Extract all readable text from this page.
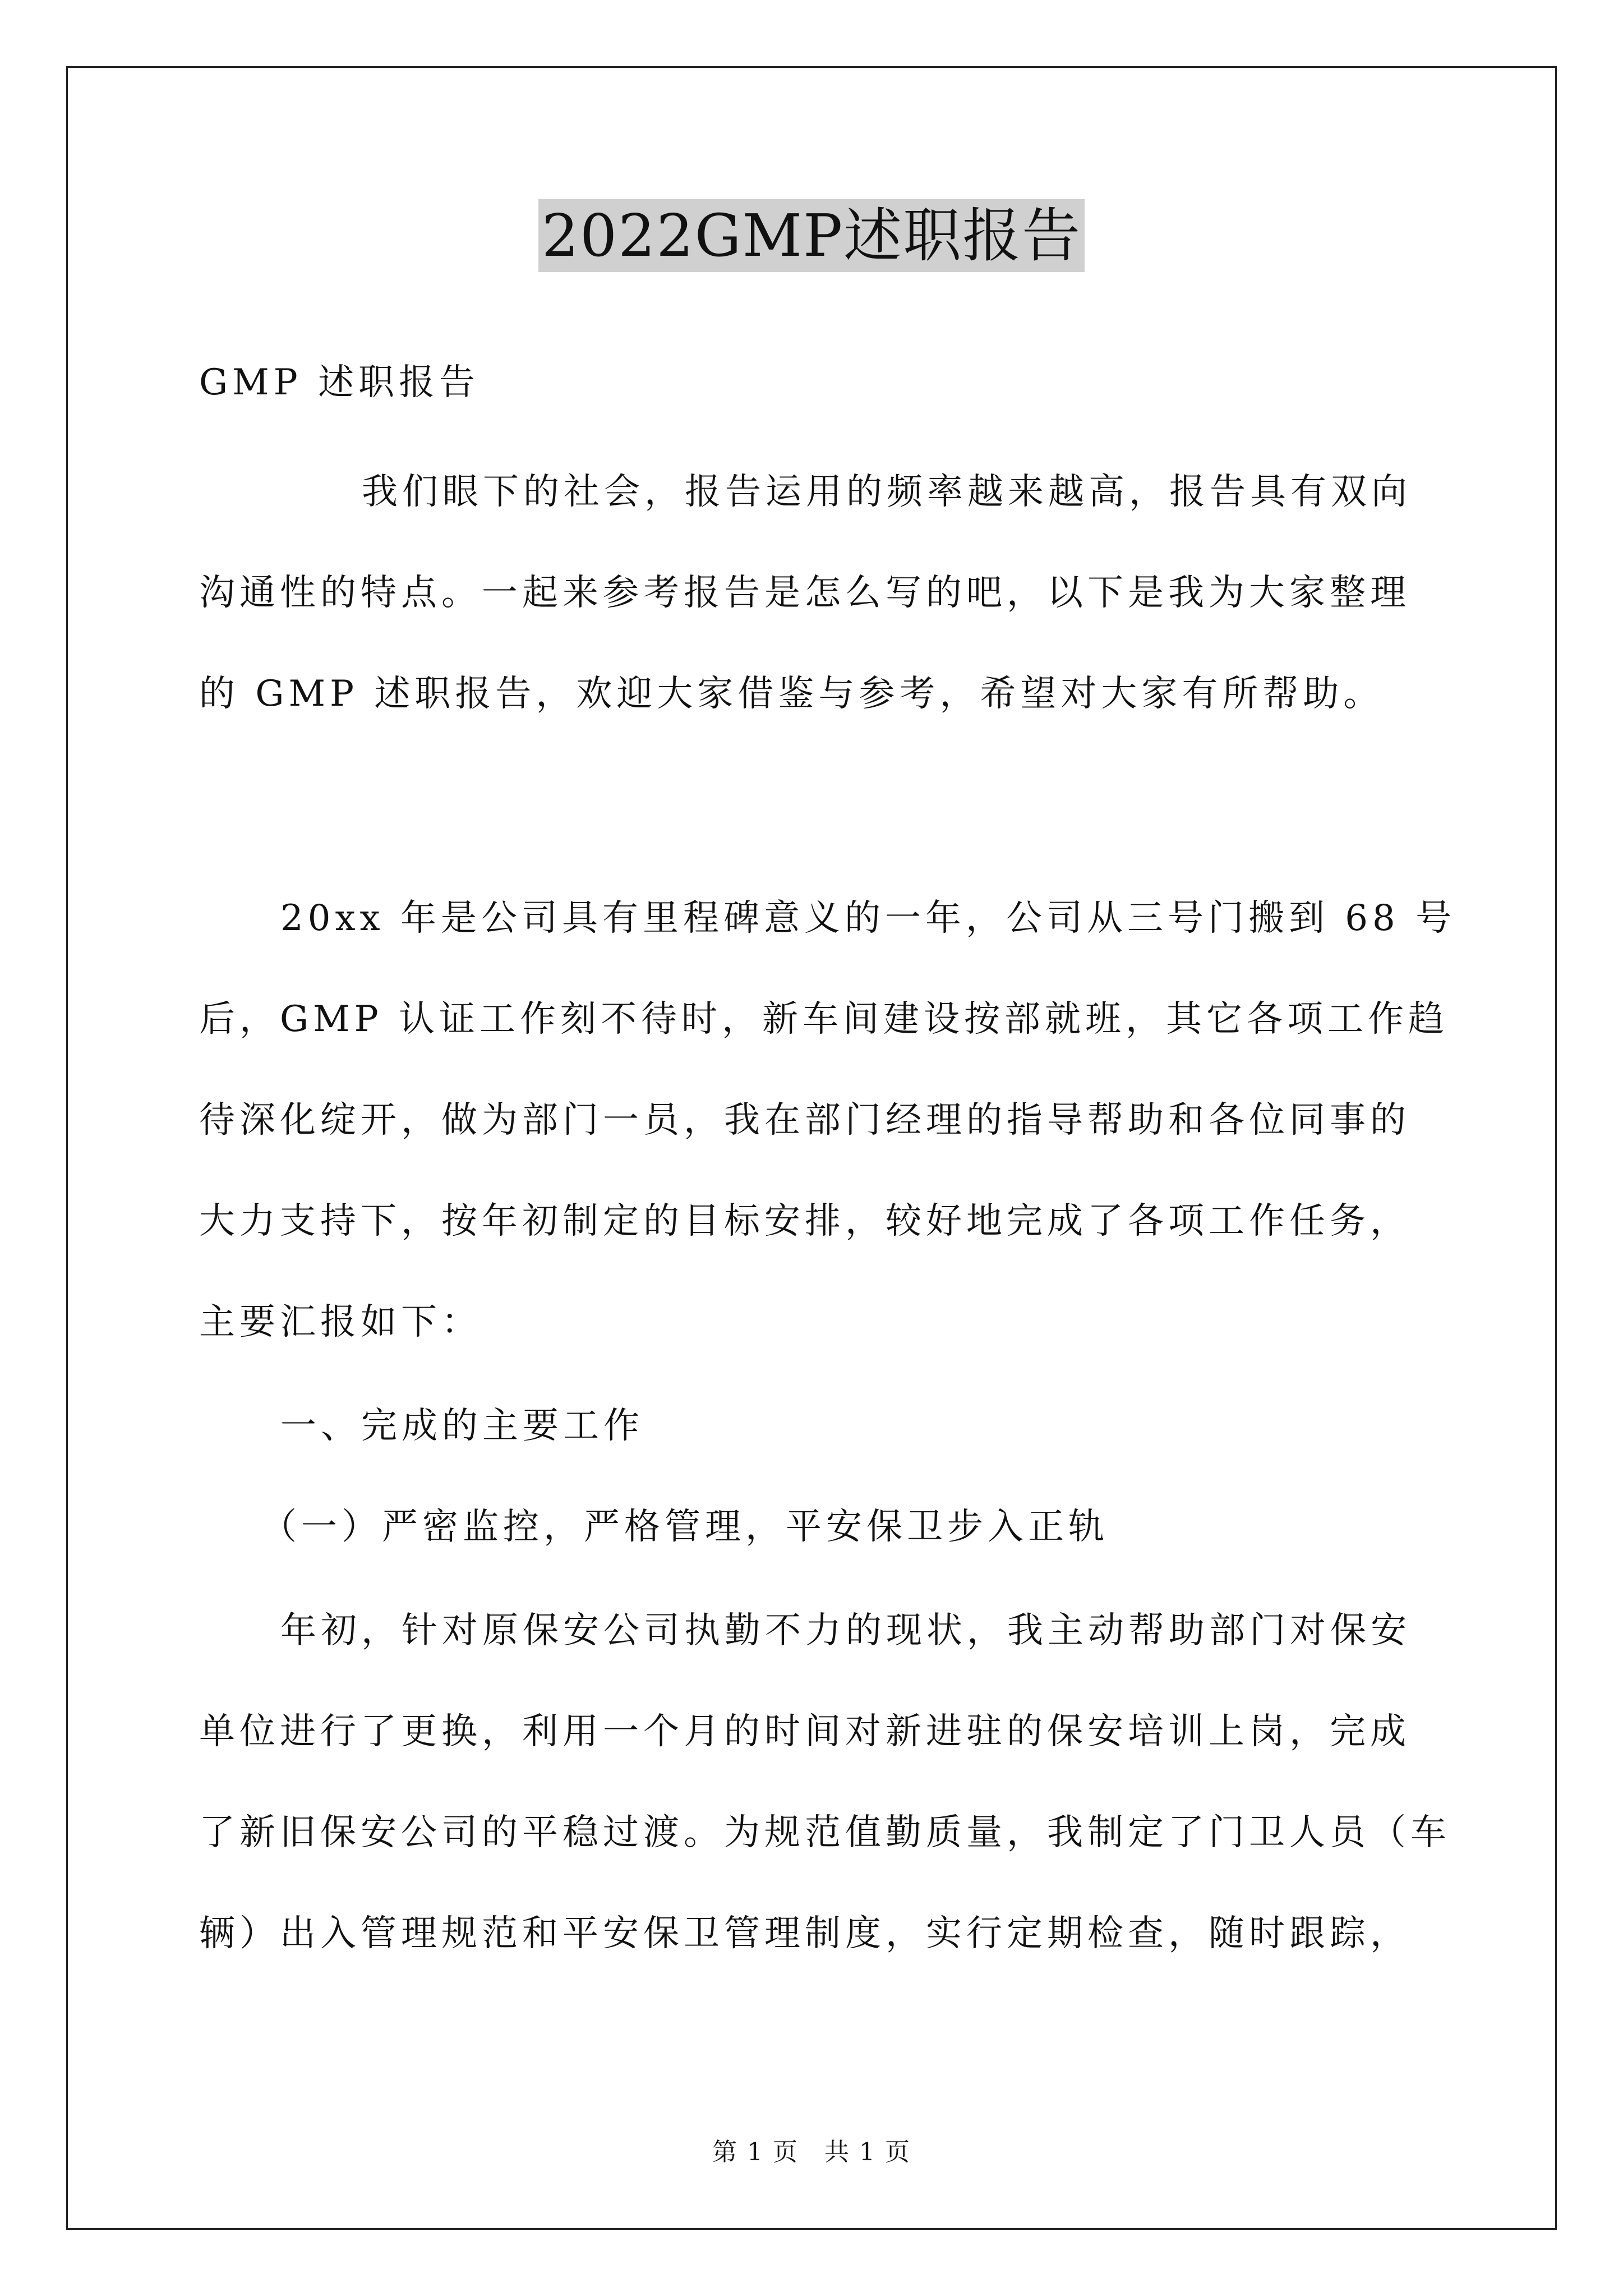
2022GMP述职报告
GMP 述职报告
我们眼下的社会，报告运用的频率越来越高，报告具有双向
沟通性的特点。一起来参考报告是怎么写的吧，以下是我为大家整理
的 GMP 述职报告，欢迎大家借鉴与参考，希望对大家有所帮助。
20xx 年是公司具有里程碑意义的一年，公司从三号门搬到 68 号
后，GMP 认证工作刻不待时，新车间建设按部就班，其它各项工作趋
待深化绽开，做为部门一员，我在部门经理的指导帮助和各位同事的
大力支持下，按年初制定的目标安排，较好地完成了各项工作任务，
主要汇报如下：
一、完成的主要工作
（一）严密监控，严格管理，平安保卫步入正轨
年初，针对原保安公司执勤不力的现状，我主动帮助部门对保安
单位进行了更换，利用一个月的时间对新进驻的保安培训上岗，完成
了新旧保安公司的平稳过渡。为规范值勤质量，我制定了门卫人员（车
辆）出入管理规范和平安保卫管理制度，实行定期检查，随时跟踪，
第 1 页　共 1 页
